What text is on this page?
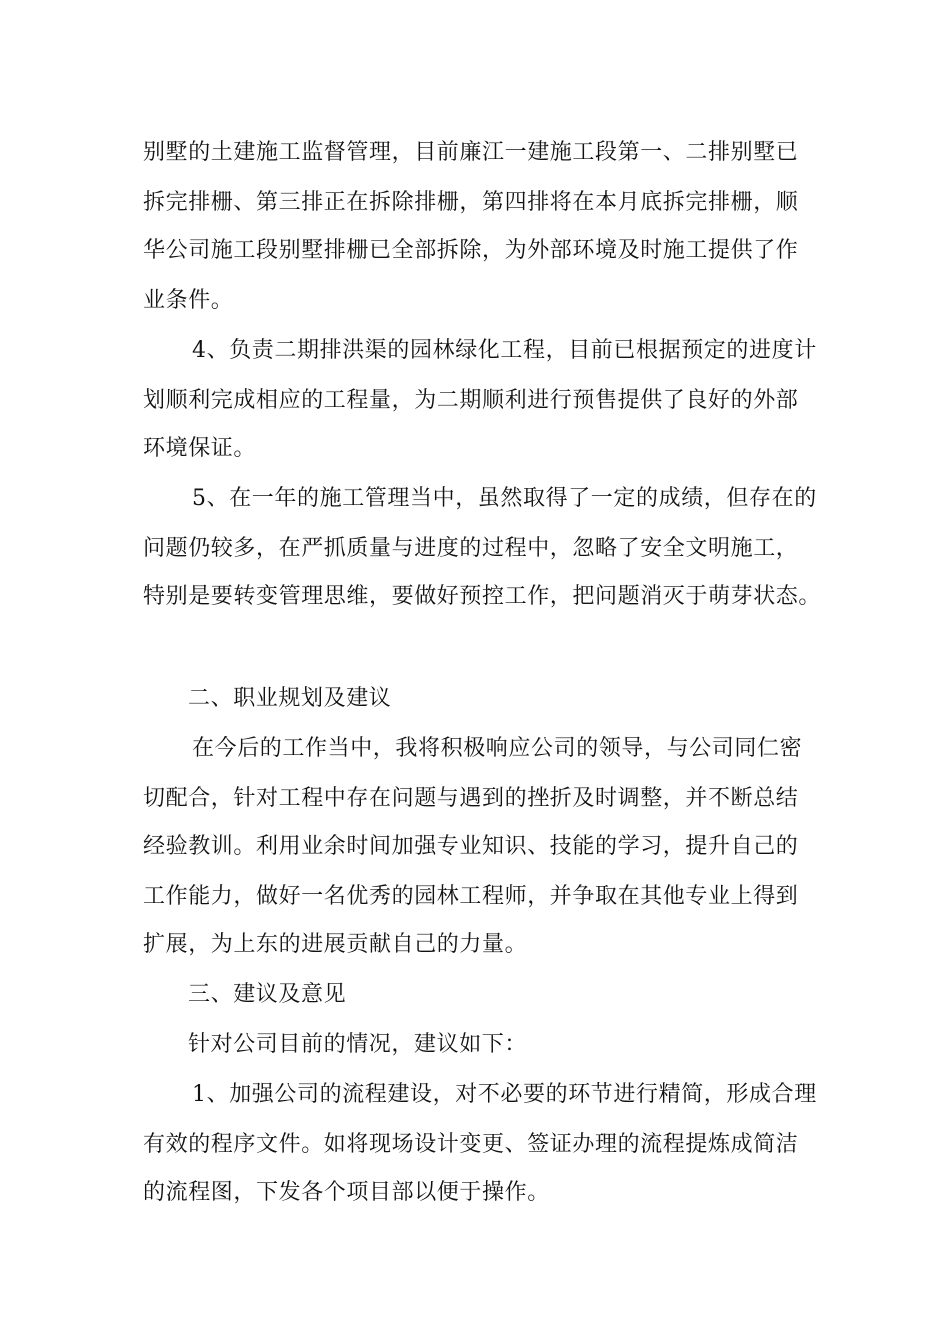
别墅的土建施工监督管理，目前廉江一建施工段第一、二排别墅已
拆完排栅、第三排正在拆除排栅，第四排将在本月底拆完排栅，顺
华公司施工段别墅排栅已全部拆除，为外部环境及时施工提供了作
业条件。
4、负责二期排洪渠的园林绿化工程，目前已根据预定的进度计
划顺利完成相应的工程量，为二期顺利进行预售提供了良好的外部
环境保证。
5、在一年的施工管理当中，虽然取得了一定的成绩，但存在的
问题仍较多，在严抓质量与进度的过程中，忽略了安全文明施工，
特别是要转变管理思维，要做好预控工作，把问题消灭于萌芽状态。
二、职业规划及建议
在今后的工作当中，我将积极响应公司的领导，与公司同仁密
切配合，针对工程中存在问题与遇到的挫折及时调整，并不断总结
经验教训。利用业余时间加强专业知识、技能的学习，提升自己的
工作能力，做好一名优秀的园林工程师，并争取在其他专业上得到
扩展，为上东的进展贡献自己的力量。
三、建议及意见
针对公司目前的情况，建议如下：
1、加强公司的流程建设，对不必要的环节进行精简，形成合理
有效的程序文件。如将现场设计变更、签证办理的流程提炼成简洁
的流程图，下发各个项目部以便于操作。
